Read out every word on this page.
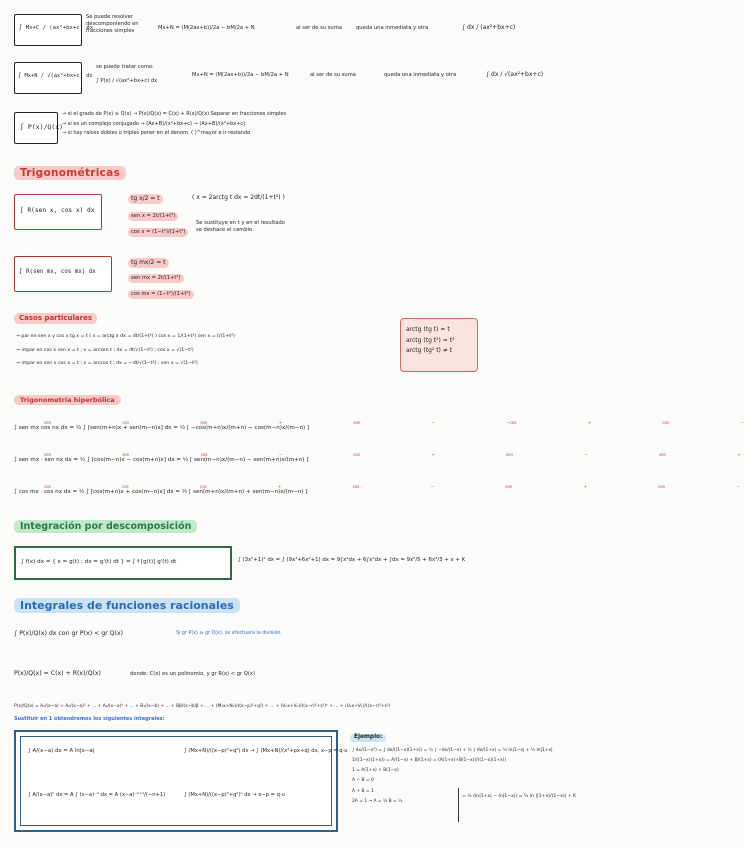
∫ Mx+C / (ax²+bx+c) dx
Se puede resolver
descomponiendo en
fracciones simples	Mx+N = (M(2ax+b))/2a − bM/2a + N	al ser de su suma	queda una inmediata y otra	∫ dx / (ax²+bx+c)
∫ Mx+N / √(ax²+bx+c) dx
se puede tratar como:
∫ P(x) / √(ax²+bx+c) dx
Mx+N = (M(2ax+b))/2a − bM/2a + N	al ser de su suma	queda una inmediata y otra	∫ dx / √(ax²+bx+c)
∫ P(x)/Q(x)
→ si el grado de P(x) ≥ Q(x) → P(x)/Q(x) = C(x) + R(x)/Q(x) Separar en fracciones simples
→ si es un complejo conjugado → (Ax+B)/(x²+bx+c) → (Ax+B)/(x²+bx+c)
→ si hay raíces dobles o triples poner en el denom. ( )^mayor e ir restando
Trigonométricas
∫ R(sen x, cos x) dx
tg x/2 = t	( x = 2arctg t dx = 2dt/(1+t²) )
sen x = 2t/(1+t²)
cos x = (1−t²)/(1+t²)
Se sustituye en t y en el resultado
se deshace el cambio
∫ R(sen mx, cos mx) dx
tg mx/2 = t
sen mx = 2t/(1+t²)
cos mx = (1−t²)/(1+t²)
Casos particulares
→ par en sen x y cos x tg x = t ( x = arctg x dx = dt/(1+t²) ) cos x = 1/(1+t²) sen x = t/(1+t²)
→ impar en cos x sen x = t ; x = arcsen t ; dx = dt/√(1−t²) ; cos x = √(1−t²)
→ impar en sen x cos x = t ; x = arccos t ; dx = −dt/√(1−t²) ; sen x = √(1−t²)
arctg (tg t) = t
arctg (tg t²) = t²
arctg (tg² t) ≠ t
Trigonometría hiperbólica
sen cos	sen +	sen −	−cos +	cos −
∫ sen mx cos nx dx = ½ ∫ [sen(m+n)x + sen(m−n)x] dx = ½ [ −cos(m+n)x/(m+n) − cos(m−n)x/(m−n) ]
sen sen	cos −	cos +	sen −	sen +
∫ sen mx · sen nx dx = ½ ∫ [cos(m−n)x − cos(m+n)x] dx = ½ [ sen(m−n)x/(m−n) − sen(m+n)x/(m+n) ]
cos cos	cos +	cos −	sen +	sen −
∫ cos mx · cos nx dx = ½ ∫ [cos(m+n)x + cos(m−n)x] dx = ½ [ sen(m+n)x/(m+n) + sen(m−n)x/(m−n) ]
Integración por descomposición
∫ f(x) dx = { x = g(t) ; dx = g'(t) dt } = ∫ f [g(t)] g'(t) dt	∫ (3x²+1)² dx = ∫ (9x⁴+6x²+1) dx = 9∫x⁴dx + 6∫x²dx + ∫dx = 9x⁵/5 + 6x³/3 + x + K
Integrales de funciones racionales
∫ P(x)/Q(x) dx con gr P(x) < gr Q(x)	Si gr P(x) ≥ gr Q(x), se efectuara la división
P(x)/Q(x) = C(x) + R(x)/Q(x)	donde: C(x) es un polinomio, y gr R(x) < gr Q(x)
P(x)/Q(x) = A₁/(x−a) + A₂/(x−a)² + ... + Aₐ/(x−a)ᵅ + ... + B₁/(x−b) + ... + Bβ/(x−b)β + ... + (M₁x+N₁)/((x−p)²+q²) + ... + (Vₖx+Vₖ)/((x−r)²+s²)ᵏ + ... + (U₁x+V₁)/((x−r)²+s²)
Sustituir en 1 obtendremos los siguientes integrales:
∫ A/(x−a) dx = A ln|x−a|	∫ (Mx+N)/((x−p)²+q²) dx → ∫ (Mx+N)/(x²+px+q) dx, x−p = q·u
∫ A/(x−a)ⁿ dx = A ∫ (x−a)⁻ⁿ dx = A (x−a)⁻ⁿ⁺¹/(−n+1)	∫ (Mx+N)/((x−p)²+q²)ⁿ dx → x−p = q·u
Ejemplo:
∫ dx/(1−x²) = ∫ dx/((1−x)(1+x)) = ½ ∫ −dx/(1−x) + ½ ∫ dx/(1+x) = ½ ln|1−x| + ½ ln|1+x|
1/((1−x)(1+x)) = A/(1−x) + B/(1+x) = (A(1+x)+B(1−x))/((1−x)(1+x))
1 = A(1+x) + B(1−x)
A − B = 0
A + B = 1
2A = 1 → A = ½ B = ½
= ½ (ln|1+x| − ln|1−x|) = ½ ln |(1+x)/(1−x)| + K
